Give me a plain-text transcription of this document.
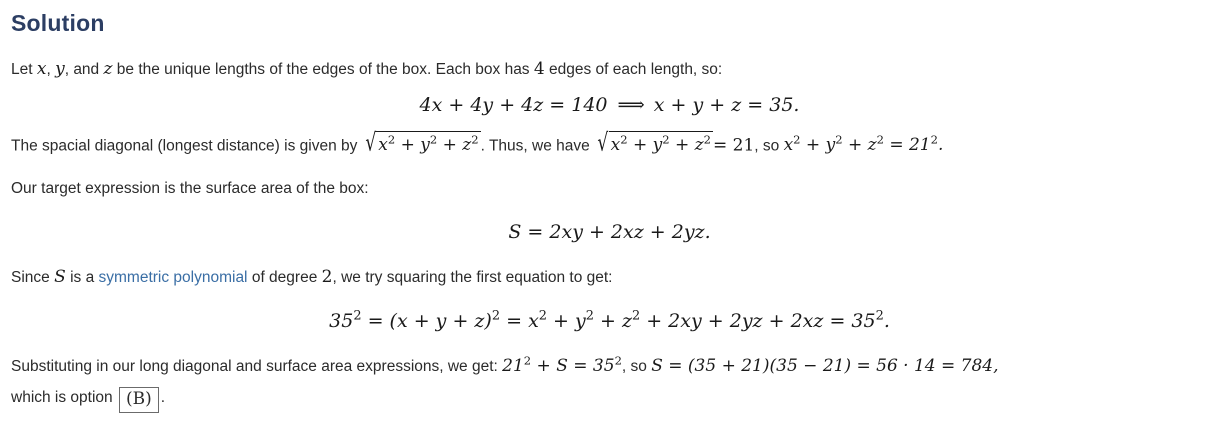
Solution

Let x, y, and z be the unique lengths of the edges of the box. Each box has 4 edges of each length, so:

4x + 4y + 4z = 140 ⟹ x + y + z = 35.

The spacial diagonal (longest distance) is given by √ $x^2 + y^2 + z^2$ . Thus, we have √ $x^2 + y^2 + z^2 = 21$, so $x^2 + y^2 + z^2 = 21^2$.

Our target expression is the surface area of the box:

S = 2xy + 2xz + 2yz.

Since S is a symmetric polynomial of degree 2, we try squaring the first equation to get:

$35^2 = (x + y + z)^2 = x^2 + y^2 + z^2 + 2xy + 2yz + 2xz = 35^2$.

Substituting in our long diagonal and surface area expressions, we get: $21^2 + S = 35^2$, so S = (35 + 21)(35 − 21) = 56 · 14 = 784,

which is option (B) .
